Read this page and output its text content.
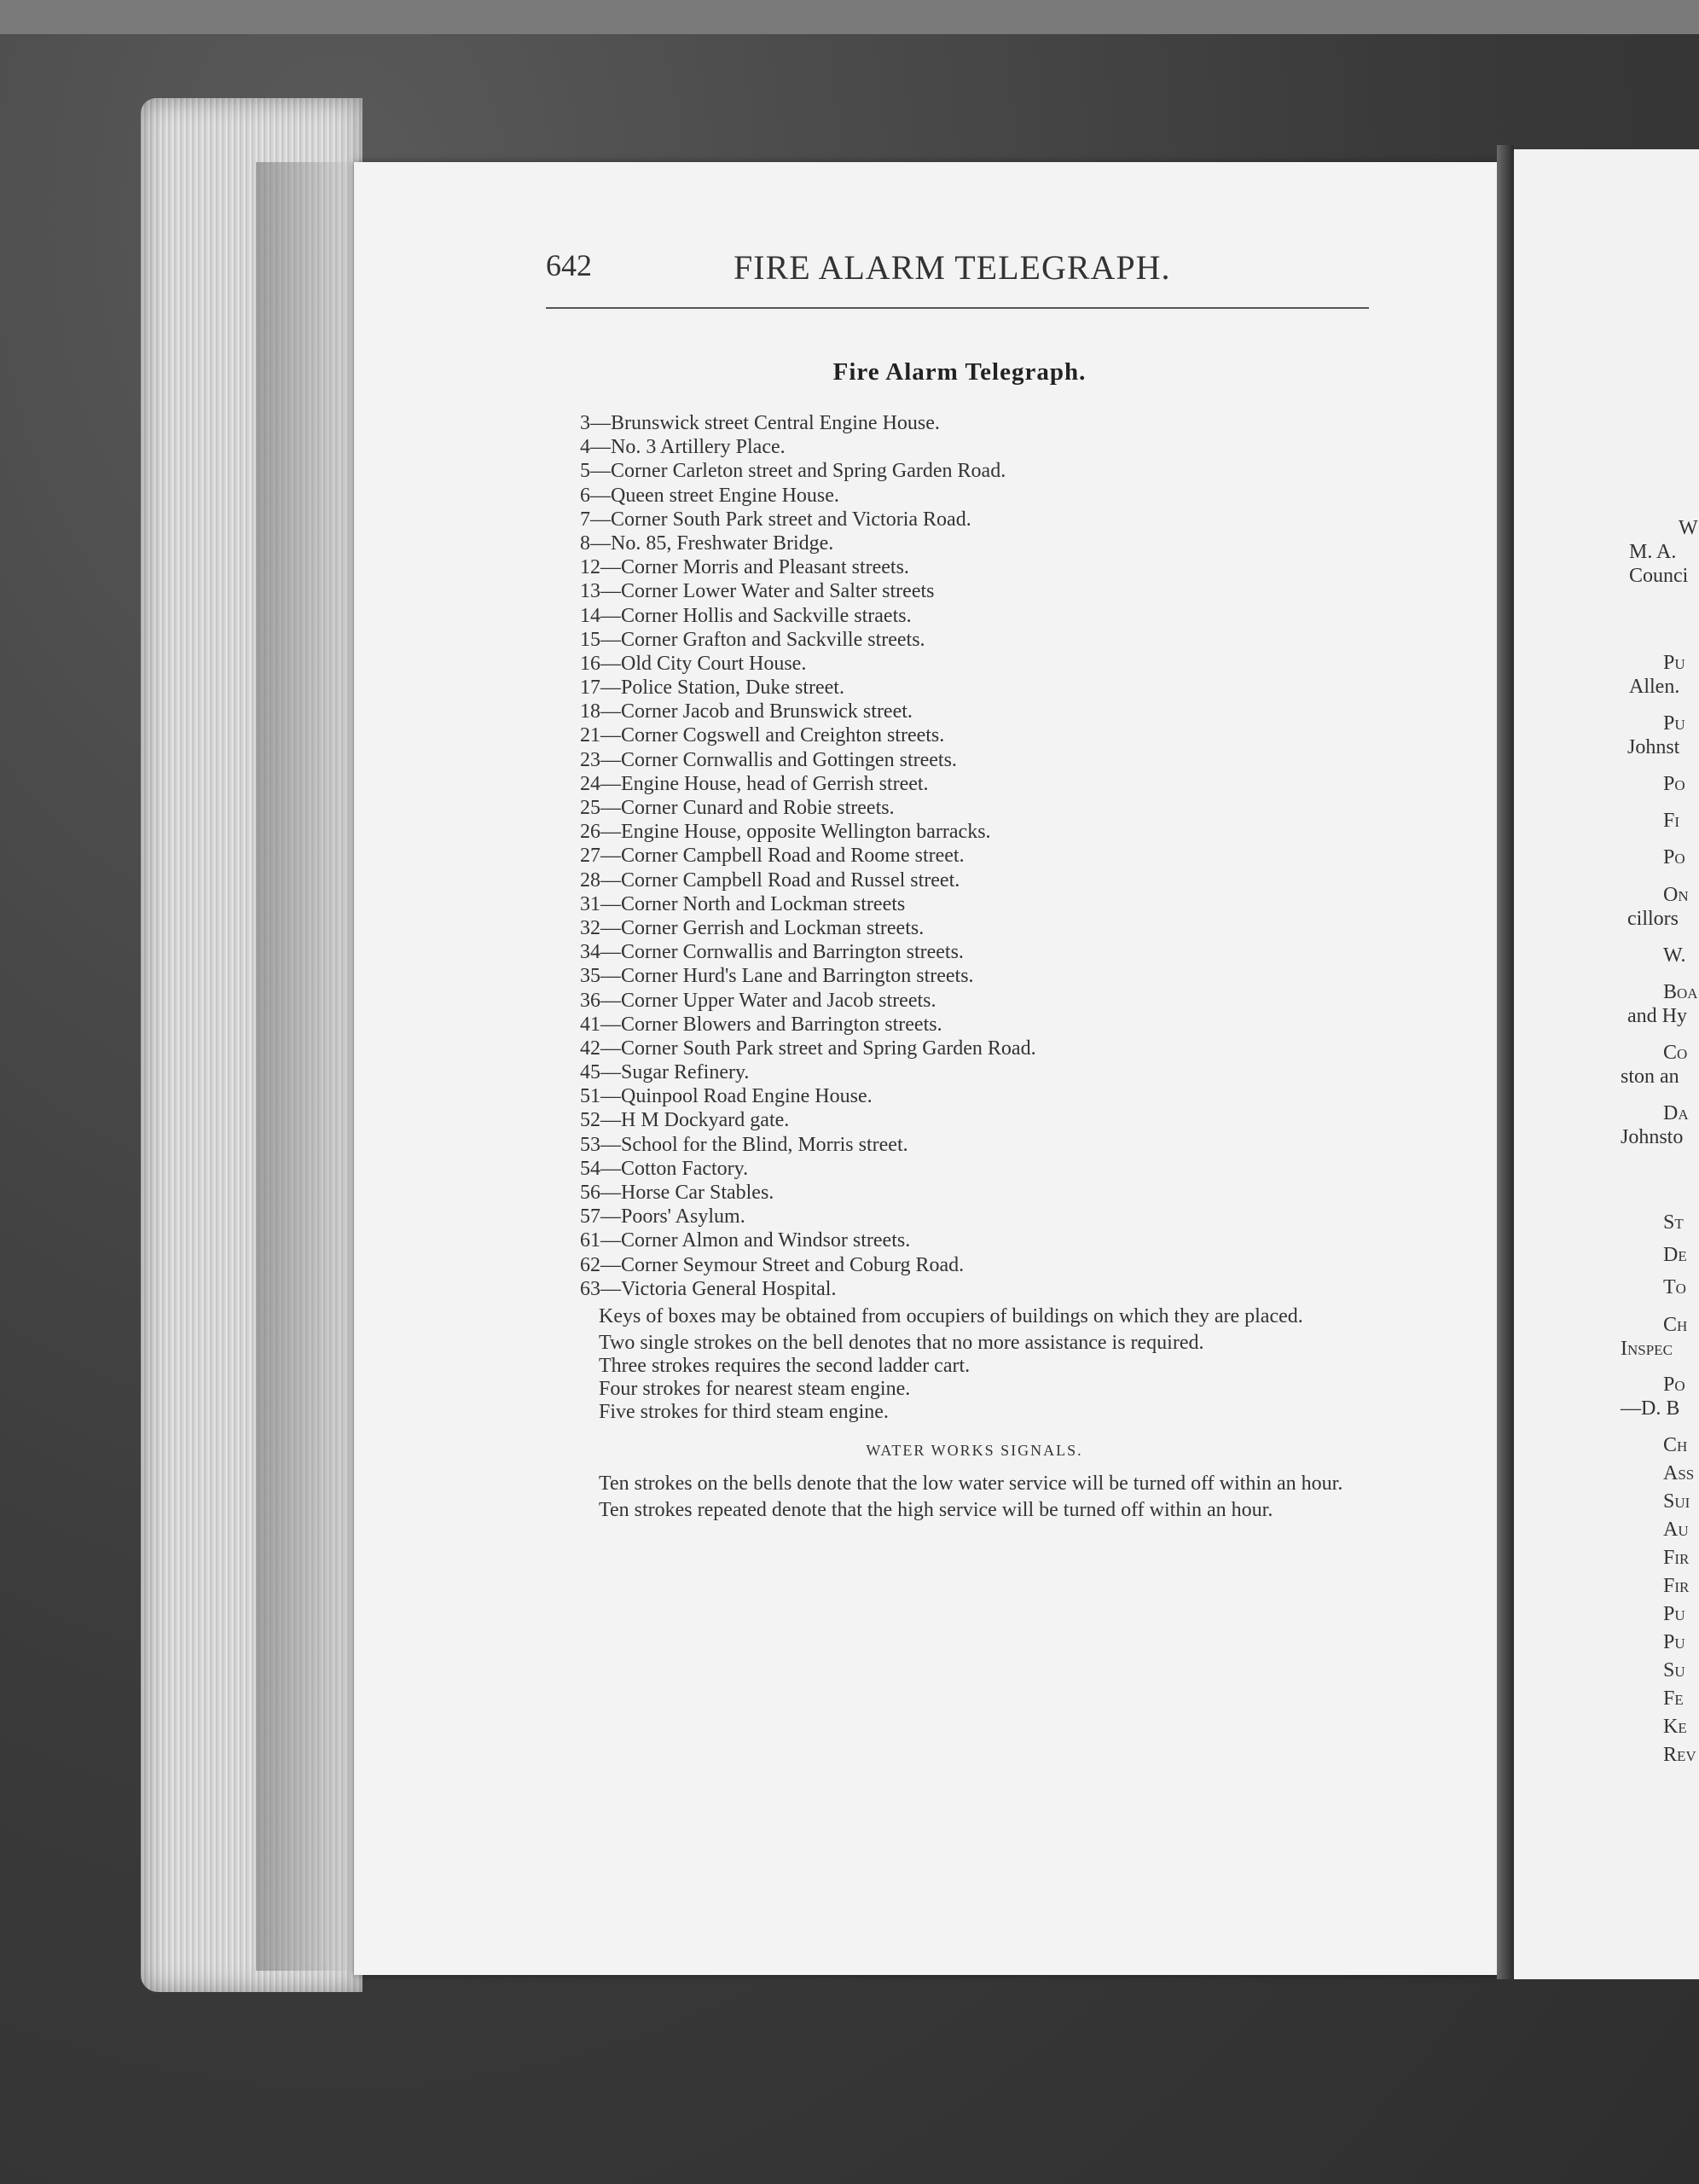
642	FIRE ALARM TELEGRAPH.
Fire Alarm Telegraph.
3—Brunswick street Central Engine House.
4—No. 3 Artillery Place.
5—Corner Carleton street and Spring Garden Road.
6—Queen street Engine House.
7—Corner South Park street and Victoria Road.
8—No. 85, Freshwater Bridge.
12—Corner Morris and Pleasant streets.
13—Corner Lower Water and Salter streets
14—Corner Hollis and Sackville straets.
15—Corner Grafton and Sackville streets.
16—Old City Court House.
17—Police Station, Duke street.
18—Corner Jacob and Brunswick street.
21—Corner Cogswell and Creighton streets.
23—Corner Cornwallis and Gottingen streets.
24—Engine House, head of Gerrish street.
25—Corner Cunard and Robie streets.
26—Engine House, opposite Wellington barracks.
27—Corner Campbell Road and Roome street.
28—Corner Campbell Road and Russel street.
31—Corner North and Lockman streets
32—Corner Gerrish and Lockman streets.
34—Corner Cornwallis and Barrington streets.
35—Corner Hurd's Lane and Barrington streets.
36—Corner Upper Water and Jacob streets.
41—Corner Blowers and Barrington streets.
42—Corner South Park street and Spring Garden Road.
45—Sugar Refinery.
51—Quinpool Road Engine House.
52—H M Dockyard gate.
53—School for the Blind, Morris street.
54—Cotton Factory.
56—Horse Car Stables.
57—Poors' Asylum.
61—Corner Almon and Windsor streets.
62—Corner Seymour Street and Coburg Road.
63—Victoria General Hospital.

Keys of boxes may be obtained from occupiers of buildings on which they are placed.

Two single strokes on the bell denotes that no more assistance is required.
Three strokes requires the second ladder cart.
Four strokes for nearest steam engine.
Five strokes for third steam engine.
WATER WORKS SIGNALS.

Ten strokes on the bells denote that the low water service will be turned off within an hour.

Ten strokes repeated denote that the high service will be turned off within an hour.

W
M. A.
Counci
Pu
Allen.
Pu
Johnst
Po
Fi
Po
On
cillors
W.
Boa
and Hy
Co
ston an
Da
Johnsto
St
De
To
Ch
Inspec
Po
—D. B
Ch
Ass
Sui
Au
Fir
Fir
Pu
Pu
Su
Fe
Ke
Rev
